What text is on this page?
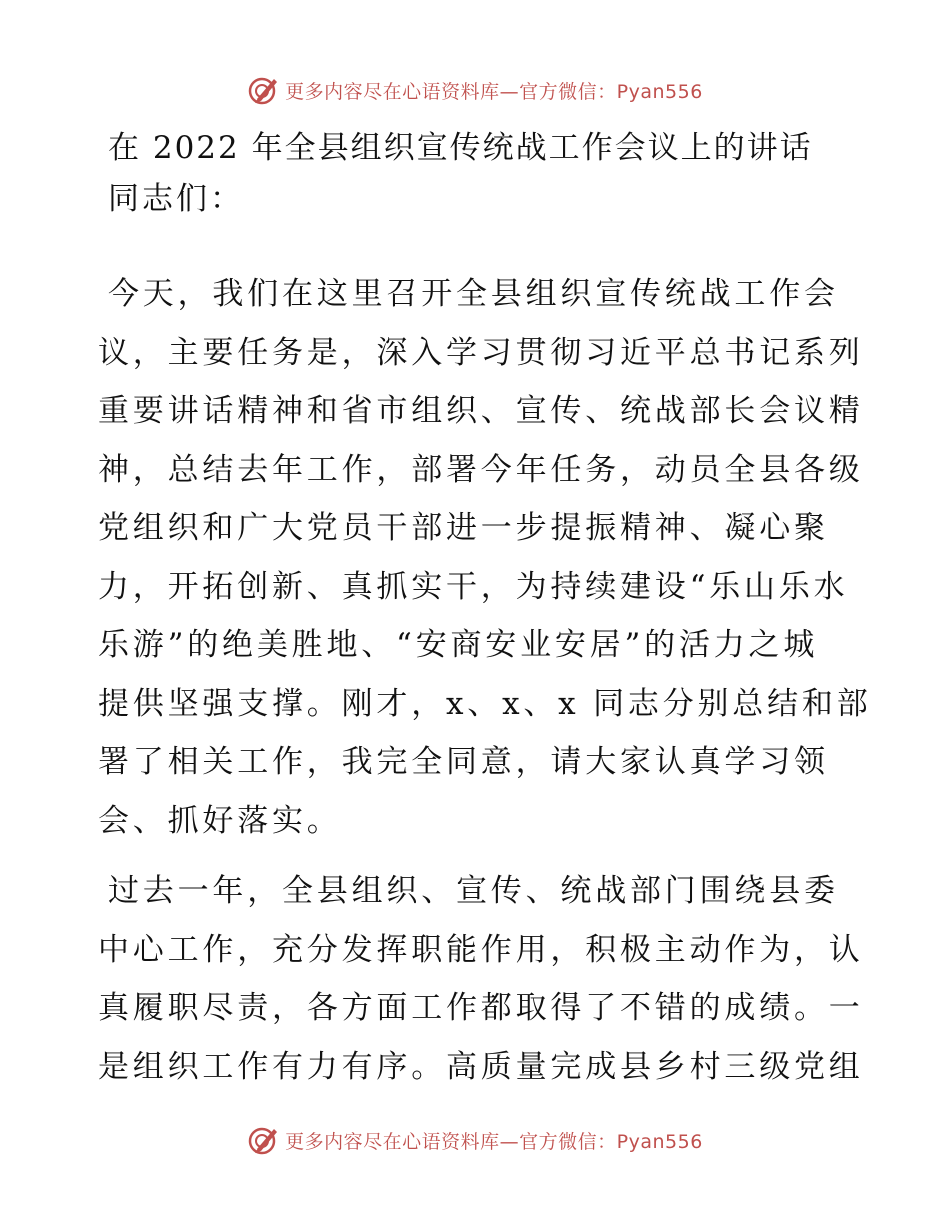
更多内容尽在心语资料库—官方微信：Pyan556
在 2022 年全县组织宣传统战工作会议上的讲话
同志们：
今天，我们在这里召开全县组织宣传统战工作会
议，主要任务是，深入学习贯彻习近平总书记系列
重要讲话精神和省市组织、宣传、统战部长会议精
神，总结去年工作，部署今年任务，动员全县各级
党组织和广大党员干部进一步提振精神、凝心聚
力，开拓创新、真抓实干，为持续建设“乐山乐水
乐游”的绝美胜地、“安商安业安居”的活力之城
提供坚强支撑。刚才，x、x、x 同志分别总结和部
署了相关工作，我完全同意，请大家认真学习领
会、抓好落实。
过去一年，全县组织、宣传、统战部门围绕县委
中心工作，充分发挥职能作用，积极主动作为，认
真履职尽责，各方面工作都取得了不错的成绩。一
是组织工作有力有序。高质量完成县乡村三级党组
更多内容尽在心语资料库—官方微信：Pyan556
